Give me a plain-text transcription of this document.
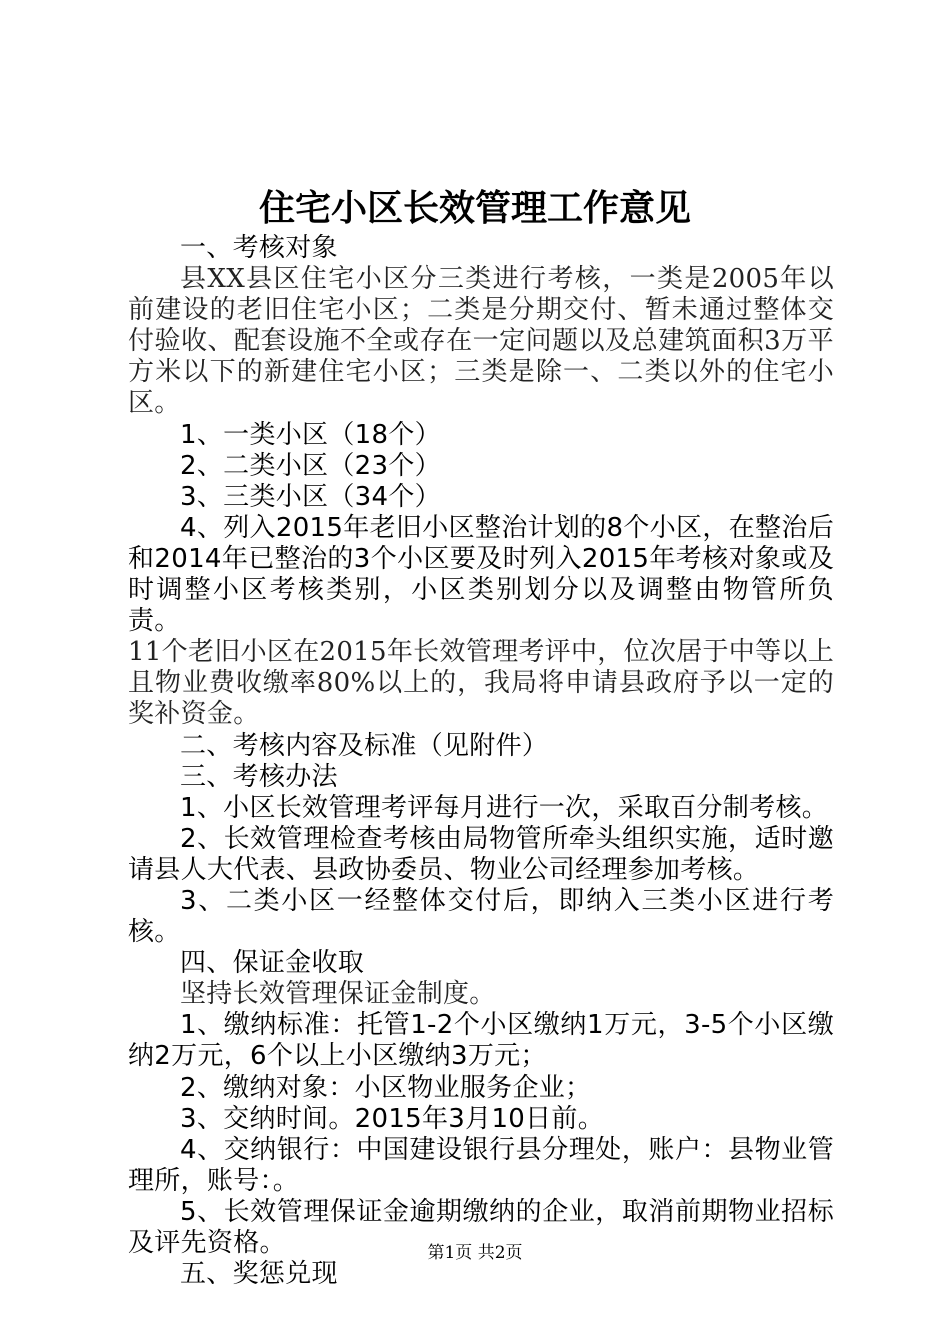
住宅小区长效管理工作意见

一、考核对象

县XX县区住宅小区分三类进行考核，一类是2005年以前建设的老旧住宅小区；二类是分期交付、暂未通过整体交付验收、配套设施不全或存在一定问题以及总建筑面积3万平方米以下的新建住宅小区；三类是除一、二类以外的住宅小区。

1、一类小区（18个）

2、二类小区（23个）

3、三类小区（34个）

4、列入2015年老旧小区整治计划的8个小区，在整治后和2014年已整治的3个小区要及时列入2015年考核对象或及时调整小区考核类别，小区类别划分以及调整由物管所负责。

11个老旧小区在2015年长效管理考评中，位次居于中等以上且物业费收缴率80%以上的，我局将申请县政府予以一定的奖补资金。

二、考核内容及标准（见附件）

三、考核办法

1、小区长效管理考评每月进行一次，采取百分制考核。

2、长效管理检查考核由局物管所牵头组织实施，适时邀请县人大代表、县政协委员、物业公司经理参加考核。

3、二类小区一经整体交付后，即纳入三类小区进行考核。

四、保证金收取

坚持长效管理保证金制度。

1、缴纳标准：托管1-2个小区缴纳1万元，3-5个小区缴纳2万元，6个以上小区缴纳3万元；

2、缴纳对象：小区物业服务企业；

3、交纳时间。2015年3月10日前。

4、交纳银行：中国建设银行县分理处，账户：县物业管理所，账号：。

5、长效管理保证金逾期缴纳的企业，取消前期物业招标及评先资格。

五、奖惩兑现

第1页 共2页
